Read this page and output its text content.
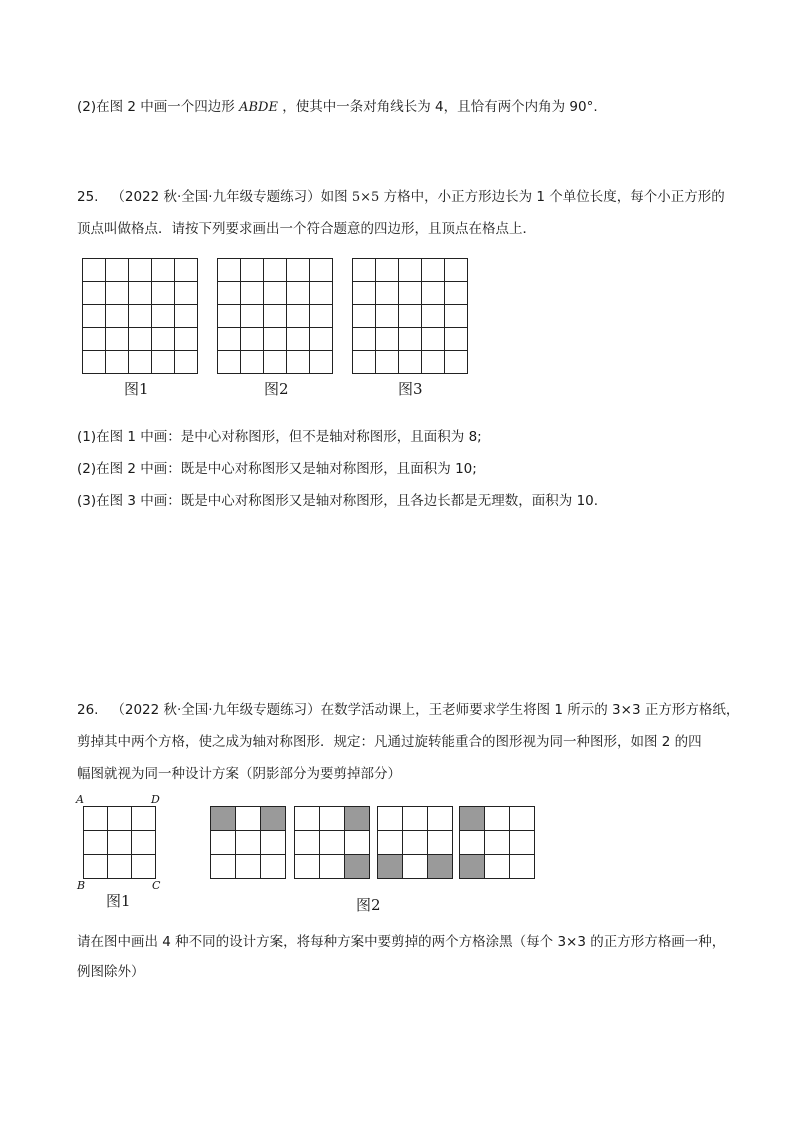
(2)在图 2 中画一个四边形 ABDE ，使其中一条对角线长为 4，且恰有两个内角为 90°.
25. （2022 秋·全国·九年级专题练习）如图 5×5 方格中，小正方形边长为 1 个单位长度，每个小正方形的
顶点叫做格点．请按下列要求画出一个符合题意的四边形，且顶点在格点上．
图1	图2	图3
(1)在图 1 中画：是中心对称图形，但不是轴对称图形，且面积为 8;
(2)在图 2 中画：既是中心对称图形又是轴对称图形，且面积为 10;
(3)在图 3 中画：既是中心对称图形又是轴对称图形，且各边长都是无理数，面积为 10.
26. （2022 秋·全国·九年级专题练习）在数学活动课上，王老师要求学生将图 1 所示的 3×3 正方形方格纸，
剪掉其中两个方格，使之成为轴对称图形．规定：凡通过旋转能重合的图形视为同一种图形，如图 2 的四
幅图就视为同一种设计方案（阴影部分为要剪掉部分）
A	D
B	C
图1	图2
请在图中画出 4 种不同的设计方案，将每种方案中要剪掉的两个方格涂黑（每个 3×3 的正方形方格画一种，
例图除外）
